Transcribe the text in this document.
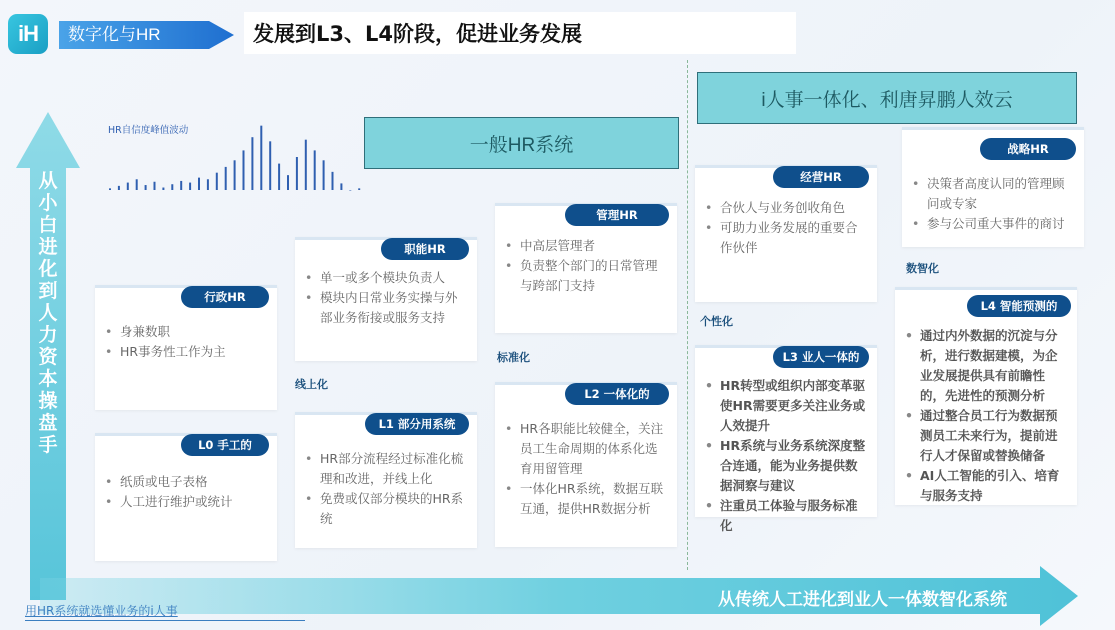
iH	数字化与HR	发展到L3、L4阶段，促进业务发展
HR自信度峰值波动
一般HR系统
i人事一体化、利唐昇鹏人效云
行政HR
• 身兼数职
• HR事务性工作为主
L0 手工的
• 纸质或电子表格
• 人工进行维护或统计
职能HR
• 单一或多个模块负责人
• 模块内日常业务实操与外部业务衔接或服务支持
线上化
L1 部分用系统
• HR部分流程经过标准化梳理和改进，并线上化
• 免费或仅部分模块的HR系统
管理HR
• 中高层管理者
• 负责整个部门的日常管理与跨部门支持
标准化
L2 一体化的
• HR各职能比较健全，关注员工生命周期的体系化选育用留管理
• 一体化HR系统，数据互联互通，提供HR数据分析
经营HR
• 合伙人与业务创收角色
• 可助力业务发展的重要合作伙伴
个性化
L3 业人一体的
• HR转型或组织内部变革驱使HR需要更多关注业务或人效提升
• HR系统与业务系统深度整合连通，能为业务提供数据洞察与建议
• 注重员工体验与服务标准化
战略HR
• 决策者高度认同的管理顾问或专家
• 参与公司重大事件的商讨
数智化
L4 智能预测的
• 通过内外数据的沉淀与分析，进行数据建模，为企业发展提供具有前瞻性的，先进性的预测分析
• 通过整合员工行为数据预测员工未来行为，提前进行人才保留或替换储备
• AI人工智能的引入、培育与服务支持
从小白进化到人力资本操盘手
从传统人工进化到业人一体数智化系统
用HR系统就选懂业务的i人事
